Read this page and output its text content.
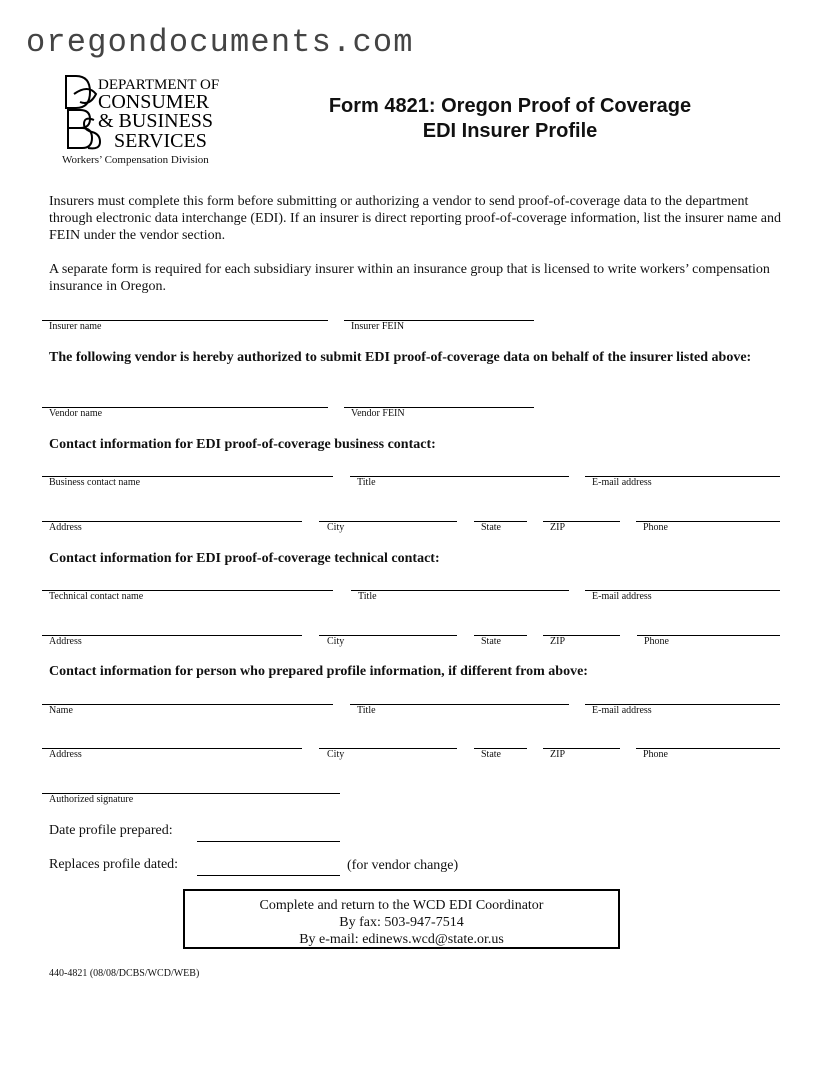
oregondocuments.com
DEPARTMENT OF
CONSUMER
& BUSINESS
SERVICES
Workers’ Compensation Division
Form 4821: Oregon Proof of Coverage
EDI Insurer Profile
Insurers must complete this form before submitting or authorizing a vendor to send proof-of-coverage data to the department through electronic data interchange (EDI). If an insurer is direct reporting proof-of-coverage information, list the insurer name and FEIN under the vendor section.
A separate form is required for each subsidiary insurer within an insurance group that is licensed to write workers’ compensation insurance in Oregon.
Insurer name	Insurer FEIN
The following vendor is hereby authorized to submit EDI proof-of-coverage data on behalf of the insurer listed above:
Vendor name	Vendor FEIN
Contact information for EDI proof-of-coverage business contact:
Business contact name	Title	E-mail address
Address	City	State	ZIP	Phone
Contact information for EDI proof-of-coverage technical contact:
Technical contact name	Title	E-mail address
Address	City	State	ZIP	Phone
Contact information for person who prepared profile information, if different from above:
Name	Title	E-mail address
Address	City	State	ZIP	Phone
Authorized signature
Date profile prepared:
Replaces profile dated:	(for vendor change)
Complete and return to the WCD EDI Coordinator
By fax: 503-947-7514
By e-mail: edinews.wcd@state.or.us
440-4821 (08/08/DCBS/WCD/WEB)
